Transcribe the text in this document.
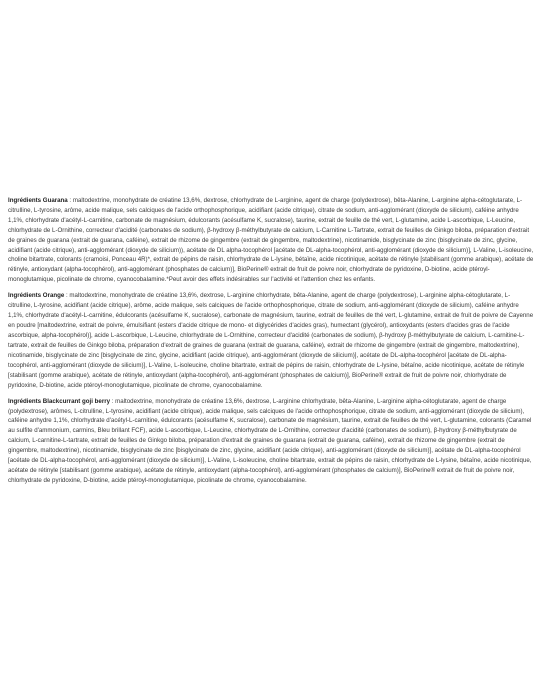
Ingrédients Guarana : maltodextrine, monohydrate de créatine 13,6%, dextrose, chlorhydrate de L-arginine, agent de charge (polydextrose), bêta-Alanine, L-arginine alpha-cétoglutarate, L-citrulline, L-tyrosine, arôme, acide malique, sels calciques de l'acide orthophosphorique, acidifiant (acide citrique), citrate de sodium, anti-agglomérant (dioxyde de silicium), caféine anhydre 1,1%, chlorhydrate d'acétyl-L-carnitine, carbonate de magnésium, édulcorants (acésulfame K, sucralose), taurine, extrait de feuille de thé vert, L-glutamine, acide L-ascorbique, L-Leucine, chlorhydrate de L-Ornithine, correcteur d'acidité (carbonates de sodium), β-hydroxy β-méthylbutyrate de calcium, L-Carnitine L-Tartrate, extrait de feuilles de Ginkgo biloba, préparation d'extrait de graines de guarana (extrait de guarana, caféine), extrait de rhizome de gingembre (extrait de gingembre, maltodextrine), nicotinamide, bisglycinate de zinc (bisglycinate de zinc, glycine, acidifiant (acide citrique), anti-agglomérant (dioxyde de silicium)), acétate de DL alpha-tocophérol [acétate de DL-alpha-tocophérol, anti-agglomérant (dioxyde de silicium)], L-Valine, L-isoleucine, choline bitartrate, colorants (cramoisi, Ponceau 4R)*, extrait de pépins de raisin, chlorhydrate de L-lysine, bétaïne, acide nicotinique, acétate de rétinyle [stabilisant (gomme arabique), acétate de rétinyle, antioxydant (alpha-tocophérol), anti-agglomérant (phosphates de calcium)], BioPerine® extrait de fruit de poivre noir, chlorhydrate de pyridoxine, D-biotine, acide ptéroyl-monoglutamique, picolinate de chrome, cyanocobalamine.*Peut avoir des effets indésirables sur l'activité et l'attention chez les enfants.

Ingrédients Orange : maltodextrine, monohydrate de créatine 13,6%, dextrose, L-arginine chlorhydrate, bêta-Alanine, agent de charge (polydextrose), L-arginine alpha-cétoglutarate, L-citrulline, L-tyrosine, acidifiant (acide citrique), arôme, acide malique, sels calciques de l'acide orthophosphorique, citrate de sodium, anti-agglomérant (dioxyde de silicium), caféine anhydre 1,1%, chlorhydrate d'acétyl-L-carnitine, édulcorants (acésulfame K, sucralose), carbonate de magnésium, taurine, extrait de feuilles de thé vert, L-glutamine, extrait de fruit de poivre de Cayenne en poudre [maltodextrine, extrait de poivre, émulsifiant (esters d'acide citrique de mono- et diglycérides d'acides gras), humectant (glycérol), antioxydants (esters d'acides gras de l'acide ascorbique, alpha-tocophérol)], acide L-ascorbique, L-Leucine, chlorhydrate de L-Ornithine, correcteur d'acidité (carbonates de sodium), β-hydroxy β-méthylbutyrate de calcium, L-carnitine-L-tartrate, extrait de feuilles de Ginkgo biloba, préparation d'extrait de graines de guarana (extrait de guarana, caféine), extrait de rhizome de gingembre (extrait de gingembre, maltodextrine), nicotinamide, bisglycinate de zinc [bisglycinate de zinc, glycine, acidifiant (acide citrique), anti-agglomérant (dioxyde de silicium)], acétate de DL-alpha-tocophérol [acétate de DL-alpha-tocophérol, anti-agglomérant (dioxyde de silicium)], L-Valine, L-isoleucine, choline bitartrate, extrait de pépins de raisin, chlorhydrate de L-lysine, bétaïne, acide nicotinique, acétate de rétinyle [stabilisant (gomme arabique), acétate de rétinyle, antioxydant (alpha-tocophérol), anti-agglomérant (phosphates de calcium)], BioPerine® extrait de fruit de poivre noir, chlorhydrate de pyridoxine, D-biotine, acide ptéroyl-monoglutamique, picolinate de chrome, cyanocobalamine.

Ingrédients Blackcurrant goji berry : maltodextrine, monohydrate de créatine 13,6%, dextrose, L-arginine chlorhydrate, bêta-Alanine, L-arginine alpha-cétoglutarate, agent de charge (polydextrose), arômes, L-citrulline, L-tyrosine, acidifiant (acide citrique), acide malique, sels calciques de l'acide orthophosphorique, citrate de sodium, anti-agglomérant (dioxyde de silicium), caféine anhydre 1,1%, chlorhydrate d'acétyl-L-carnitine, édulcorants (acésulfame K, sucralose), carbonate de magnésium, taurine, extrait de feuilles de thé vert, L-glutamine, colorants (Caramel au sulfite d'ammonium, carmins, Bleu brillant FCF), acide L-ascorbique, L-Leucine, chlorhydrate de L-Ornithine, correcteur d'acidité (carbonates de sodium), β-hydroxy β-méthylbutyrate de calcium, L-carnitine-L-tartrate, extrait de feuilles de Ginkgo biloba, préparation d'extrait de graines de guarana (extrait de guarana, caféine), extrait de rhizome de gingembre (extrait de gingembre, maltodextrine), nicotinamide, bisglycinate de zinc [bisglycinate de zinc, glycine, acidifiant (acide citrique), anti-agglomérant (dioxyde de silicium)], acétate de DL-alpha-tocophérol [acétate de DL-alpha-tocophérol, anti-agglomérant (dioxyde de silicium)], L-Valine, L-isoleucine, choline bitartrate, extrait de pépins de raisin, chlorhydrate de L-lysine, bétaïne, acide nicotinique, acétate de rétinyle [stabilisant (gomme arabique), acétate de rétinyle, antioxydant (alpha-tocophérol), anti-agglomérant (phosphates de calcium)], BioPerine® extrait de fruit de poivre noir, chlorhydrate de pyridoxine, D-biotine, acide ptéroyl-monoglutamique, picolinate de chrome, cyanocobalamine.
